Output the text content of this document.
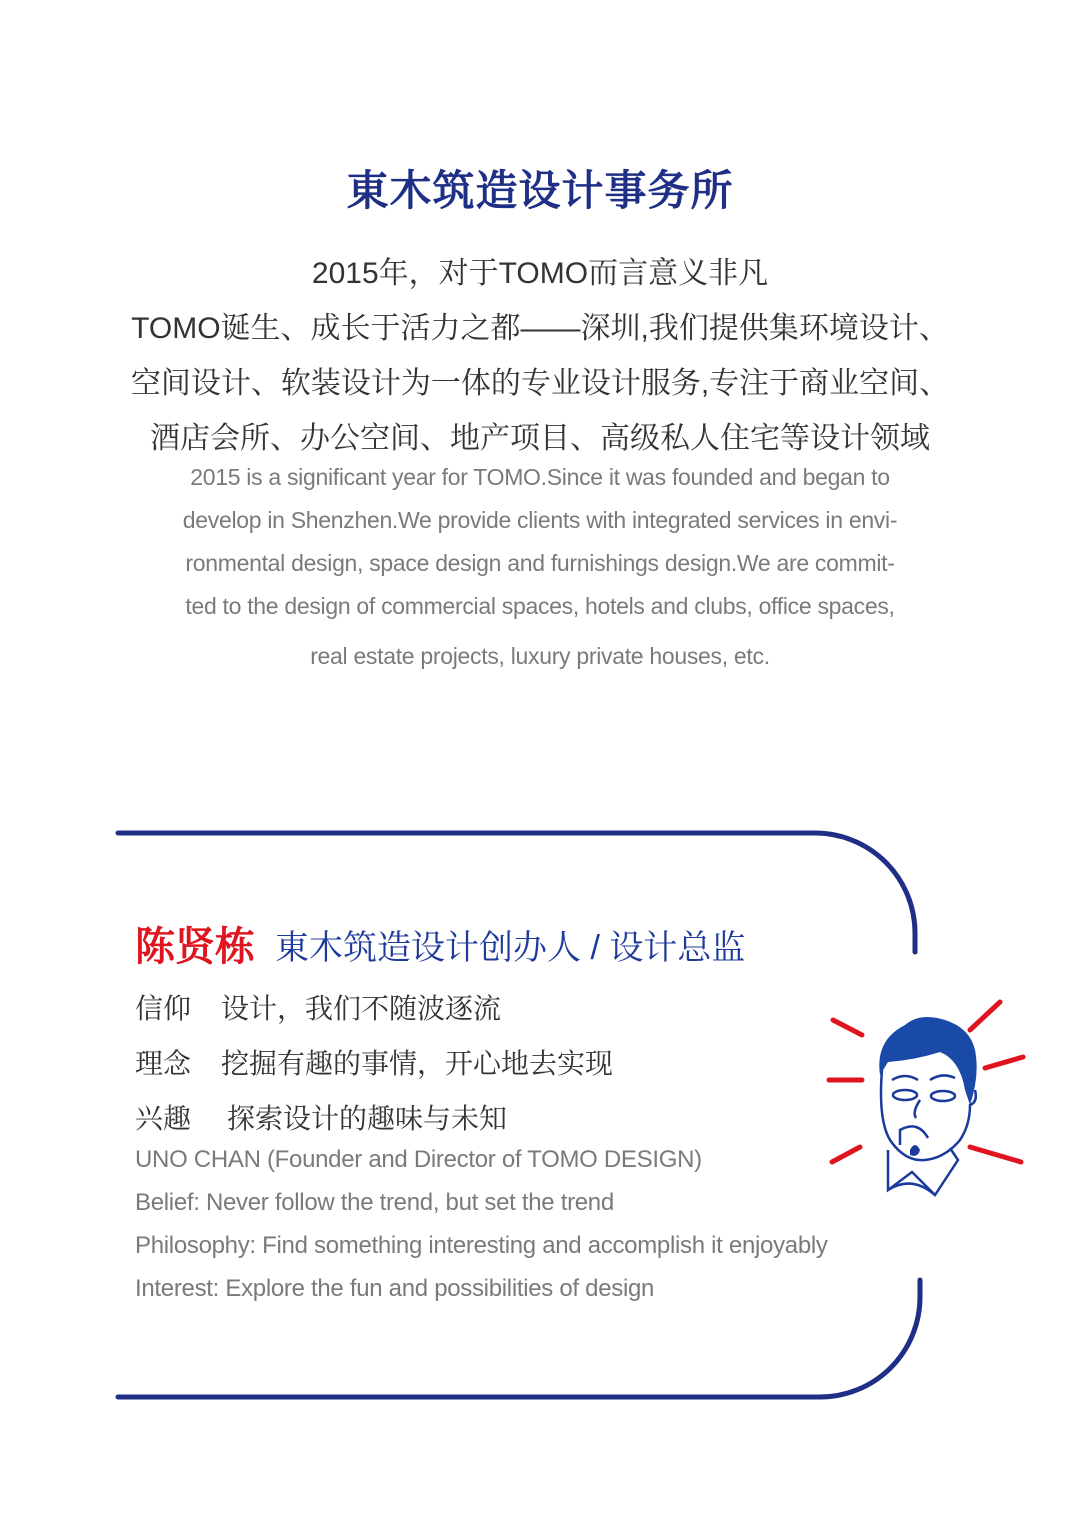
東木筑造设计事务所
2015年，对于TOMO而言意义非凡
TOMO诞生、成长于活力之都——深圳,我们提供集环境设计、
空间设计、软装设计为一体的专业设计服务,专注于商业空间、
酒店会所、办公空间、地产项目、高级私人住宅等设计领域
2015 is a significant year for TOMO.Since it was founded and began to
develop in Shenzhen.We provide clients with integrated services in envi-
ronmental design, space design and furnishings design.We are commit-
ted to the design of commercial spaces, hotels and clubs, office spaces,
real estate projects, luxury private houses, etc.
陈贤栋 東木筑造设计创办人 / 设计总监
信仰 设计，我们不随波逐流
理念 挖掘有趣的事情，开心地去实现
兴趣 探索设计的趣味与未知
UNO CHAN (Founder and Director of TOMO DESIGN)
Belief: Never follow the trend, but set the trend
Philosophy: Find something interesting and accomplish it enjoyably
Interest: Explore the fun and possibilities of design
